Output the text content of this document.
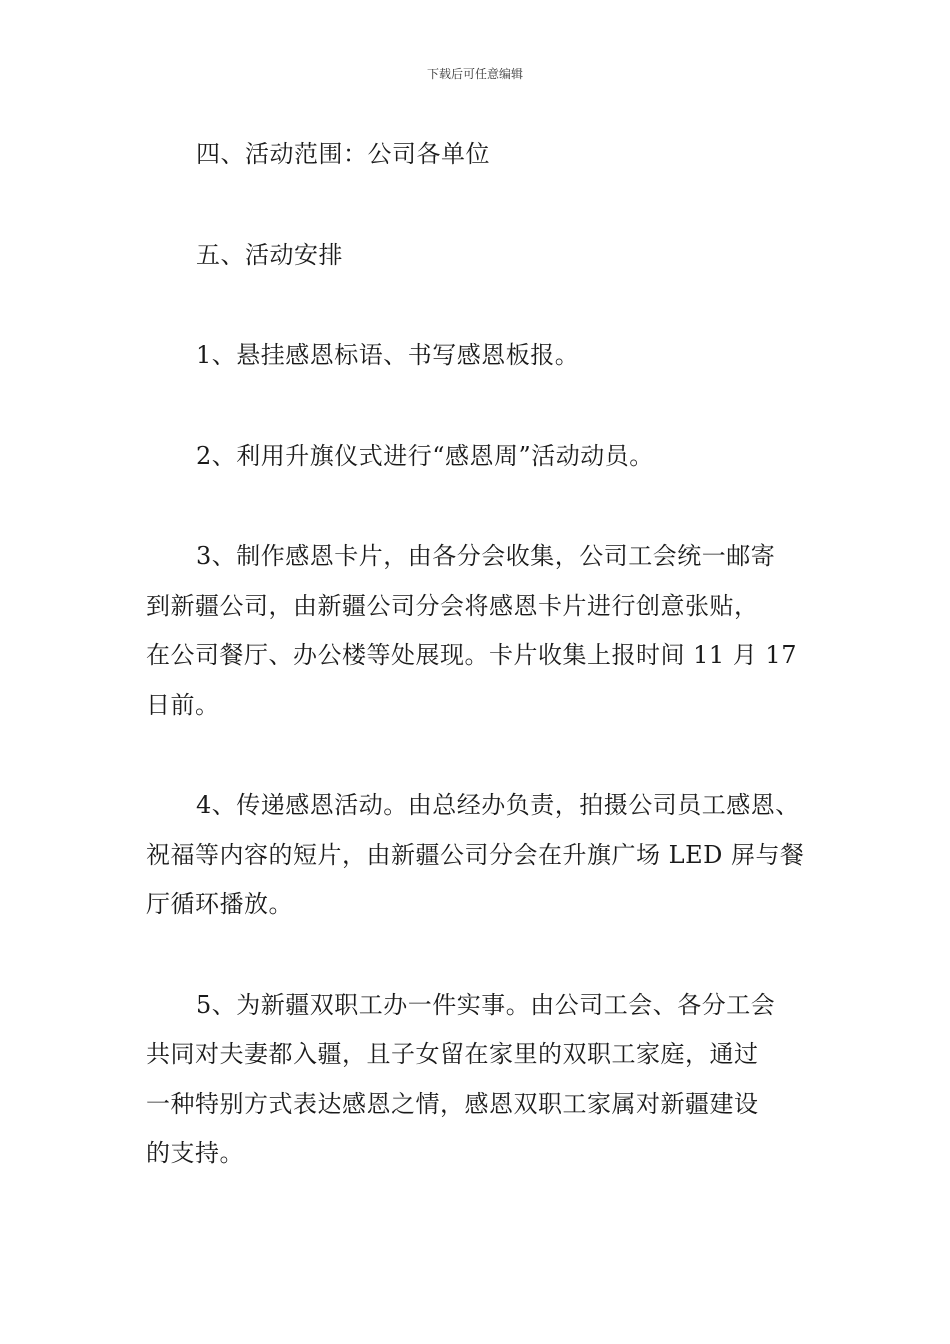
下载后可任意编辑

四、活动范围：公司各单位

五、活动安排

1、悬挂感恩标语、书写感恩板报。

2、利用升旗仪式进行“感恩周”活动动员。

3、制作感恩卡片，由各分会收集，公司工会统一邮寄
到新疆公司，由新疆公司分会将感恩卡片进行创意张贴，
在公司餐厅、办公楼等处展现。卡片收集上报时间 11 月 17
日前。

4、传递感恩活动。由总经办负责，拍摄公司员工感恩、
祝福等内容的短片，由新疆公司分会在升旗广场 LED 屏与餐
厅循环播放。

5、为新疆双职工办一件实事。由公司工会、各分工会
共同对夫妻都入疆，且子女留在家里的双职工家庭，通过
一种特别方式表达感恩之情，感恩双职工家属对新疆建设
的支持。
